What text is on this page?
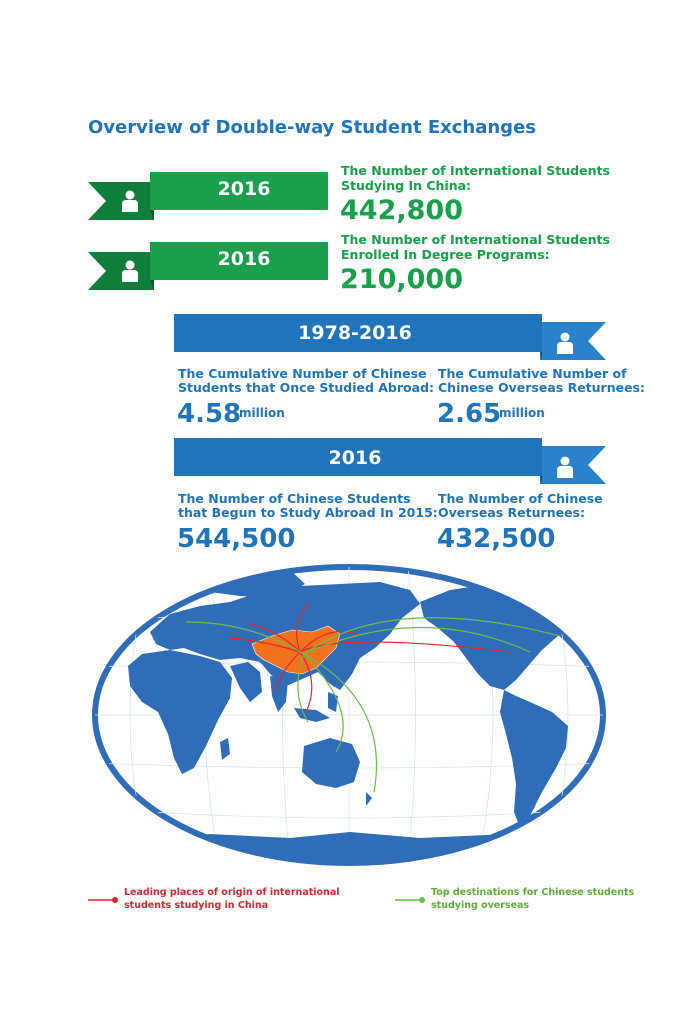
Overview of Double-way Student Exchanges
2016
The Number of International Students
Studying In China:
442,800
2016
The Number of International Students
Enrolled In Degree Programs:
210,000
1978-2016
The Cumulative Number of Chinese
Students that Once Studied Abroad:
4.58
million
The Cumulative Number of
Chinese Overseas Returnees:
2.65
million
2016
The Number of Chinese Students
that Begun to Study Abroad In 2015:
544,500
The Number of Chinese
Overseas Returnees:
432,500
Leading places of origin of international
students studying in China
Top destinations for Chinese students
studying overseas
